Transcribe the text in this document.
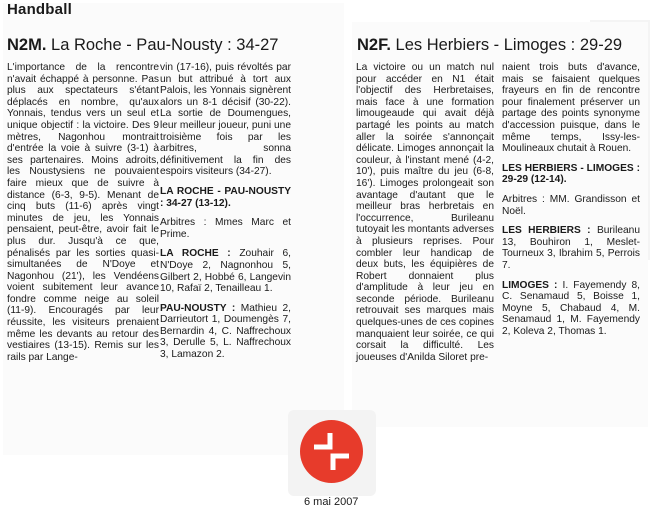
Handball
N2M. La Roche - Pau-Nousty : 34-27

L'importance de la rencontre n'avait échappé à personne. Pas plus aux spectateurs s'étant déplacés en nombre, qu'aux Yonnais, tendus vers un seul et unique objectif : la victoire. Des 9 mètres, Nagonhou montrait d'entrée la voie à suivre (3-1) à ses partenaires. Moins adroits, les Noustysiens ne pouvaient faire mieux que de suivre à distance (6-3, 9-5). Menant de cinq buts (11-6) après vingt minutes de jeu, les Yonnais pensaient, peut-être, avoir fait le plus dur. Jusqu'à ce que, pénalisés par les sorties quasi-simultanées de N'Doye et Nagonhou (21'), les Vendéens voient subitement leur avance fondre comme neige au soleil (11-9). Encouragés par leur réussite, les visiteurs prenaient même les devants au retour des vestiaires (13-15). Remis sur les rails par Lange-

vin (17-16), puis révoltés par un but attribué à tort aux Palois, les Yonnais signèrent alors un 8-1 décisif (30-22). La sortie de Doumengues, leur meilleur joueur, puni une troisième fois par les arbitres, sonna définitivement la fin des espoirs visiteurs (34-27).

LA ROCHE - PAU-NOUSTY : 34-27 (13-12).

Arbitres : Mmes Marc et Prime.

LA ROCHE : Zouhair 6, N'Doye 2, Nagnonhou 5, Gilbert 2, Hobbé 6, Langevin 10, Rafaï 2, Tenailleau 1.

PAU-NOUSTY : Mathieu 2, Darrieutort 1, Doumengès 7, Bernardin 4, C. Naffrechoux 3, Derulle 5, L. Naffrechoux 3, Lamazon 2.

N2F. Les Herbiers - Limoges : 29-29

La victoire ou un match nul pour accéder en N1 était l'objectif des Herbretaises, mais face à une formation limougeaude qui avait déjà partagé les points au match aller la soirée s'annonçait délicate. Limoges annonçait la couleur, à l'instant mené (4-2, 10'), puis maître du jeu (6-8, 16'). Limoges prolongeait son avantage d'autant que le meilleur bras herbretais en l'occurrence, Burileanu tutoyait les montants adverses à plusieurs reprises. Pour combler leur handicap de deux buts, les équipières de Robert donnaient plus d'amplitude à leur jeu en seconde période. Burileanu retrouvait ses marques mais quelques-unes de ces copines manquaient leur soirée, ce qui corsait la difficulté. Les joueuses d'Anilda Siloret pre-

naient trois buts d'avance, mais se faisaient quelques frayeurs en fin de rencontre pour finalement préserver un partage des points synonyme d'accession puisque, dans le même temps, Issy-les-Moulineaux chutait à Rouen.

LES HERBIERS - LIMOGES : 29-29 (12-14).

Arbitres : MM. Grandisson et Noël.

LES HERBIERS : Burileanu 13, Bouhiron 1, Meslet-Tourneux 3, Ibrahim 5, Perrois 7.

LIMOGES : I. Fayemendy 8, C. Senamaud 5, Boisse 1, Moyne 5, Chabaud 4, M. Senamaud 1, M. Fayemendy 2, Koleva 2, Thomas 1.

6 mai 2007
